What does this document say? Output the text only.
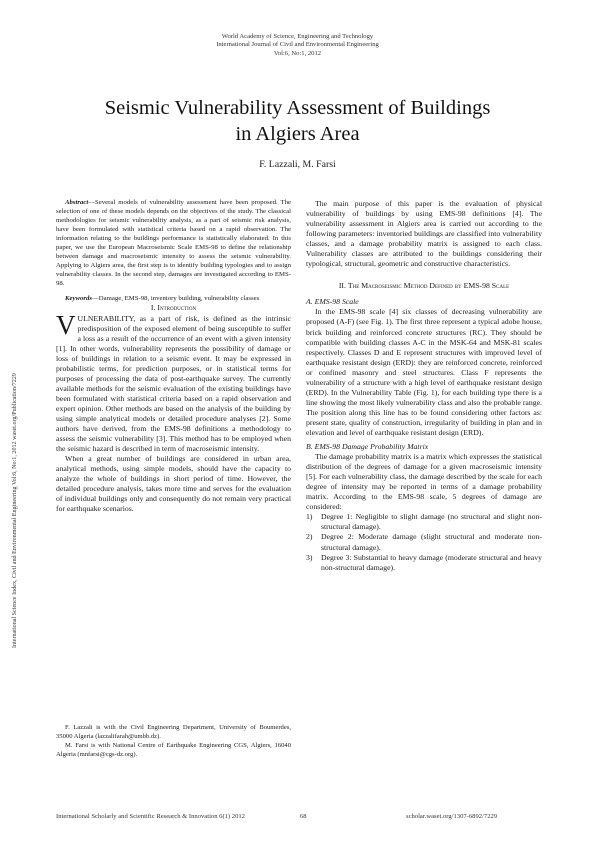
World Academy of Science, Engineering and Technology
International Journal of Civil and Environmental Engineering
Vol:6, No:1, 2012
Seismic Vulnerability Assessment of Buildings
in Algiers Area
F. Lazzali, M. Farsi
International Science Index, Civil and Environmental Engineering Vol:6, No:1, 2012 waset.org/Publication/7229

Abstract—Several models of vulnerability assessment have been proposed. The selection of one of these models depends on the objectives of the study. The classical methodologies for seismic vulnerability analysis, as a part of seismic risk analysis, have been formulated with statistical criteria based on a rapid observation. The information relating to the buildings performance is statistically elaborated. In this paper, we use the European Macroseismic Scale EMS-98 to define the relationship between damage and macroseismic intensity to assess the seismic vulnerability. Applying to Algiers area, the first step is to identify building typologies and to assign vulnerability classes. In the second step, damages are investigated according to EMS-98.

Keywords—Damage, EMS-98, inventory building, vulnerability classes

I. Introduction

VULNERABILITY, as a part of risk, is defined as the intrinsic predisposition of the exposed element of being susceptible to suffer a loss as a result of the occurrence of an event with a given intensity [1]. In other words, vulnerability represents the possibility of damage or loss of buildings in relation to a seismic event. It may be expressed in probabilistic terms, for prediction purposes, or in statistical terms for purposes of processing the data of post-earthquake survey. The currently available methods for the seismic evaluation of the existing buildings have been formulated with statistical criteria based on a rapid observation and expert opinion. Other methods are based on the analysis of the building by using simple analytical models or detailed procedure analyses [2]. Some authors have derived, from the EMS-98 definitions a methodology to assess the seismic vulnerability [3]. This method has to be employed when the seismic hazard is described in term of macroseismic intensity.

When a great number of buildings are considered in urban area, analytical methods, using simple models, should have the capacity to analyze the whole of buildings in short period of time. However, the detailed procedure analysis, takes more time and serves for the evaluation of individual buildings only and consequently do not remain very practical for earthquake scenarios.

The main purpose of this paper is the evaluation of physical vulnerability of buildings by using EMS-98 definitions [4]. The vulnerability assessment in Algiers area is carried out according to the following parameters: inventoried buildings are classified into vulnerability classes, and a damage probability matrix is assigned to each class. Vulnerability classes are attributed to the buildings considering their typological, structural, geometric and constructive characteristics.

II. The Macroseismic Method Defined by EMS-98 Scale

A. EMS-98 Scale

In the EMS-98 scale [4] six classes of decreasing vulnerability are proposed (A-F) (see Fig. 1). The first three represent a typical adobe house, brick building and reinforced concrete structures (RC). They should be compatible with building classes A-C in the MSK-64 and MSK-81 scales respectively. Classes D and E represent structures with improved level of earthquake resistant design (ERD): they are reinforced concrete, reinforced or confined masonry and steel structures. Class F represents the vulnerability of a structure with a high level of earthquake resistant design (ERD). In the Vulnerability Table (Fig. 1), for each building type there is a line showing the most likely vulnerability class and also the probable range. The position along this line has to be found considering other factors as: present state, quality of construction, irregularity of building in plan and in elevation and level of earthquake resistant design (ERD).

B. EMS-98 Damage Probability Matrix

The damage probability matrix is a matrix which expresses the statistical distribution of the degrees of damage for a given macroseismic intensity [5]. For each vulnerability class, the damage described by the scale for each degree of intensity may be reported in terms of a damage probability matrix. According to the EMS-98 scale, 5 degrees of damage are considered:

1) Degree 1: Negligible to slight damage (no structural and slight non-structural damage).
2) Degree 2: Moderate damage (slight structural and moderate non-structural damage).
3) Degree 3: Substantial to heavy damage (moderate structural and heavy non-structural damage).

F. Lazzali is with the Civil Engineering Department, University of Boumerdes, 35000 Algeria (lazzalifarah@umbb.dz).

M. Farsi is with National Centre of Earthquake Engineering CGS, Algiers, 16040 Algeria (mnfarsi@cgs-dz.org).

International Scholarly and Scientific Research & Innovation 6(1) 2012	68	scholar.waset.org/1307-6892/7229
